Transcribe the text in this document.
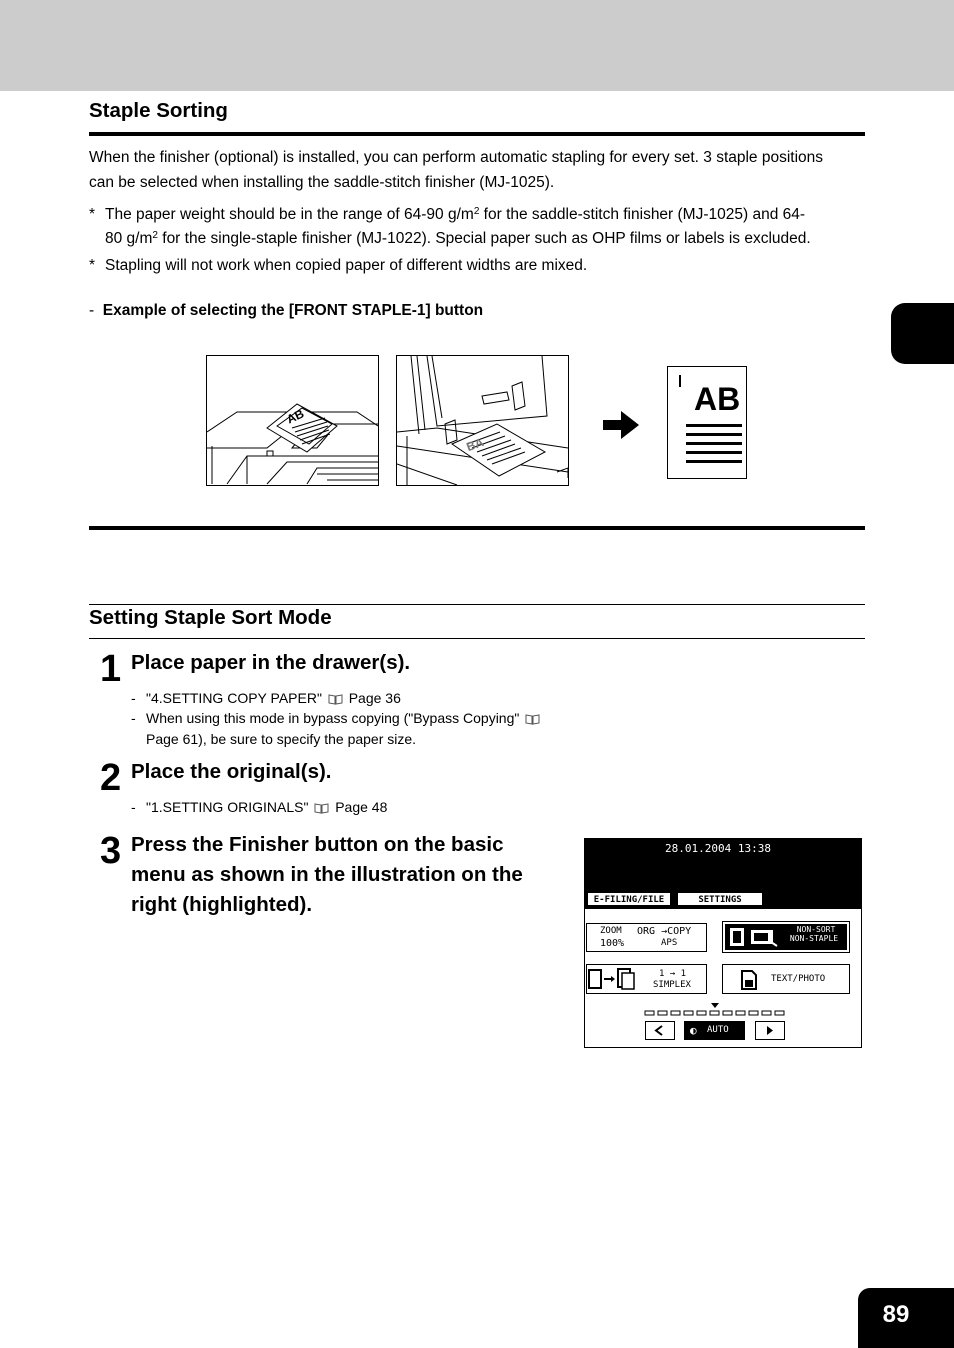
Staple Sorting
When the finisher (optional) is installed, you can perform automatic stapling for every set. 3 staple positions
can be selected when installing the saddle-stitch finisher (MJ-1025).
* The paper weight should be in the range of 64-90 $g/m^2$ for the saddle-stitch finisher (MJ-1025) and 64-
80 $g/m^2$ for the single-staple finisher (MJ-1022). Special paper such as OHP films or labels is excluded.
* Stapling will not work when copied paper of different widths are mixed.
- Example of selecting the [FRONT STAPLE-1] button
AB
BA
AB
Setting Staple Sort Mode
1 Place paper in the drawer(s).
- "4.SETTING COPY PAPER" Page 36
- When using this mode in bypass copying ("Bypass Copying"
Page 61), be sure to specify the paper size.
2 Place the original(s).
- "1.SETTING ORIGINALS" Page 48
3 Press the Finisher button on the basic
menu as shown in the illustration on the
right (highlighted).
28.01.2004 13:38
E-FILING/FILE	SETTINGS
ZOOM
100%
ORG →COPY
APS
NON-SORT
NON-STAPLE
1 → 1
SIMPLEX
TEXT/PHOTO
◐ AUTO
89
